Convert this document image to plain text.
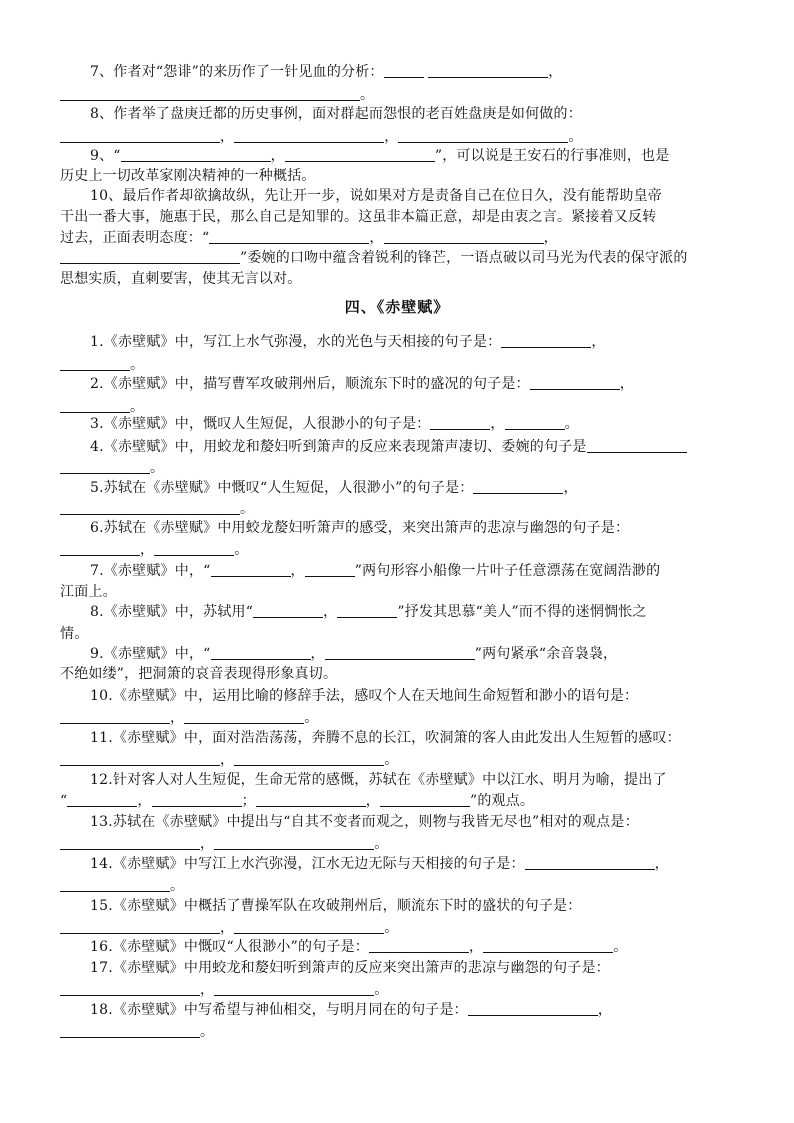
四、《赤壁赋》
7、作者对“怨诽”的来历作了一针见血的分析：	，
。
8、作者举了盘庚迁都的历史事例，面对群起而怨恨的老百姓盘庚是如何做的：
，	，	。
9、“	，	”，可以说是王安石的行事准则，也是
历史上一切改革家刚决精神的一种概括。
10、最后作者却欲擒故纵，先让开一步，说如果对方是责备自己在位日久，没有能帮助皇帝
干出一番大事，施惠于民，那么自己是知罪的。这虽非本篇正意，却是由衷之言。紧接着又反转
过去，正面表明态度：“	，	，
”委婉的口吻中蕴含着锐利的锋芒，一语点破以司马光为代表的保守派的
思想实质，直刺要害，使其无言以对。
1.《赤壁赋》中，写江上水气弥漫，水的光色与天相接的句子是：	，
。
2.《赤壁赋》中，描写曹军攻破荆州后，顺流东下时的盛况的句子是：	，
。
3.《赤壁赋》中，慨叹人生短促，人很渺小的句子是：	，	。
4.《赤壁赋》中，用蛟龙和嫠妇听到箫声的反应来表现箫声凄切、委婉的句子是
。
5.苏轼在《赤壁赋》中慨叹“人生短促，人很渺小”的句子是：	，
。
6.苏轼在《赤壁赋》中用蛟龙嫠妇听箫声的感受，来突出箫声的悲凉与幽怨的句子是：
，	。
7.《赤壁赋》中，“	，	”两句形容小船像一片叶子任意漂荡在宽阔浩渺的
江面上。
8.《赤壁赋》中，苏轼用“	，	”抒发其思慕“美人”而不得的迷惘惆怅之
情。
9.《赤壁赋》中，“	，	”两句紧承“余音袅袅，
不绝如缕”，把洞箫的哀音表现得形象真切。
10.《赤壁赋》中，运用比喻的修辞手法，感叹个人在天地间生命短暂和渺小的语句是：
，	。
11.《赤壁赋》中，面对浩浩荡荡，奔腾不息的长江，吹洞箫的客人由此发出人生短暂的感叹：
，	。
12.针对客人对人生短促，生命无常的感慨，苏轼在《赤壁赋》中以江水、明月为喻，提出了
“	，	；	，	”的观点。
13.苏轼在《赤壁赋》中提出与“自其不变者而观之，则物与我皆无尽也”相对的观点是：
，	。
14.《赤壁赋》中写江上水汽弥漫，江水无边无际与天相接的句子是：	，
。
15.《赤壁赋》中概括了曹操军队在攻破荆州后，顺流东下时的盛状的句子是：
，	。
16.《赤壁赋》中慨叹“人很渺小”的句子是：	，	。
17.《赤壁赋》中用蛟龙和嫠妇听到箫声的反应来突出箫声的悲凉与幽怨的句子是：
，	。
18.《赤壁赋》中写希望与神仙相交，与明月同在的句子是：	，
。
